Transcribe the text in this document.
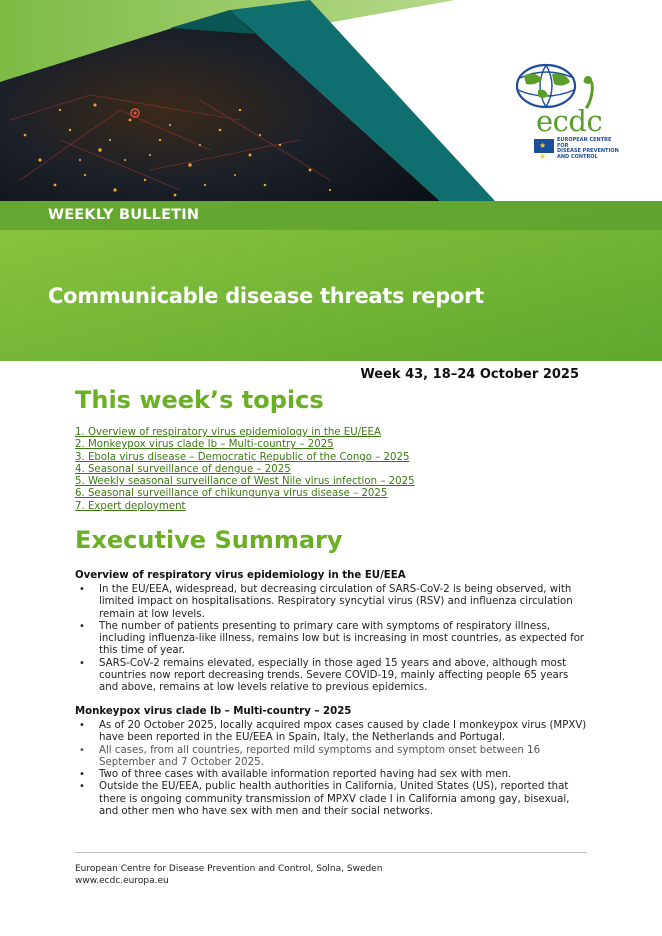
WEEKLY BULLETIN
Communicable disease threats report
ecdc
★ ★
EUROPEAN CENTRE FOR
DISEASE PREVENTION
AND CONTROL
Week 43, 18–24 October 2025
This week’s topics
1. Overview of respiratory virus epidemiology in the EU/EEA
2. Monkeypox virus clade Ib – Multi-country – 2025
3. Ebola virus disease – Democratic Republic of the Congo – 2025
4. Seasonal surveillance of dengue – 2025
5. Weekly seasonal surveillance of West Nile virus infection – 2025
6. Seasonal surveillance of chikungunya virus disease – 2025
7. Expert deployment
Executive Summary
Overview of respiratory virus epidemiology in the EU/EEA
• In the EU/EEA, widespread, but decreasing circulation of SARS-CoV-2 is being observed, with limited impact on hospitalisations. Respiratory syncytial virus (RSV) and influenza circulation remain at low levels.
• The number of patients presenting to primary care with symptoms of respiratory illness, including influenza-like illness, remains low but is increasing in most countries, as expected for this time of year.
• SARS-CoV-2 remains elevated, especially in those aged 15 years and above, although most countries now report decreasing trends. Severe COVID-19, mainly affecting people 65 years and above, remains at low levels relative to previous epidemics.
Monkeypox virus clade Ib – Multi-country – 2025
• As of 20 October 2025, locally acquired mpox cases caused by clade I monkeypox virus (MPXV) have been reported in the EU/EEA in Spain, Italy, the Netherlands and Portugal.
• All cases, from all countries, reported mild symptoms and symptom onset between 16 September and 7 October 2025.
• Two of three cases with available information reported having had sex with men.
• Outside the EU/EEA, public health authorities in California, United States (US), reported that there is ongoing community transmission of MPXV clade I in California among gay, bisexual, and other men who have sex with men and their social networks.
European Centre for Disease Prevention and Control, Solna, Sweden
www.ecdc.europa.eu
